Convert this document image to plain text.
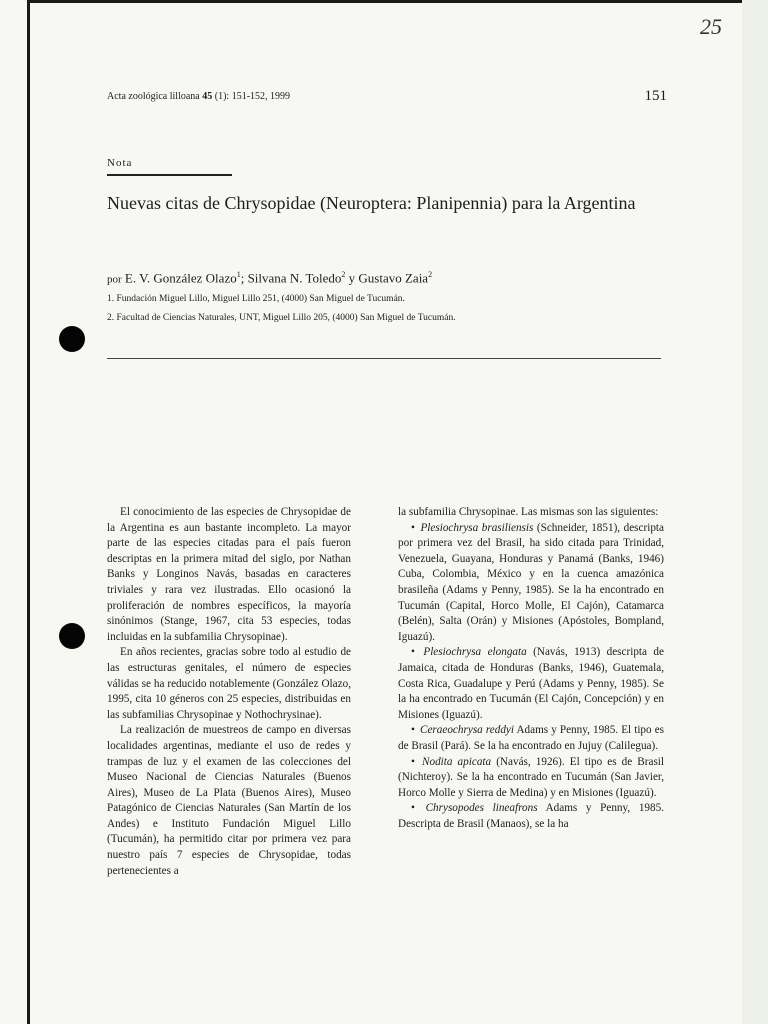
25
Acta zoológica lilloana 45 (1): 151-152, 1999	151
Nota
Nuevas citas de Chrysopidae (Neuroptera: Planipennia) para la Argentina
por E. V. González Olazo$^1$; Silvana N. Toledo$^2$ y Gustavo Zaia$^2$
1. Fundación Miguel Lillo, Miguel Lillo 251, (4000) San Miguel de Tucumán.
2. Facultad de Ciencias Naturales, UNT, Miguel Lillo 205, (4000) San Miguel de Tucumán.

El conocimiento de las especies de Chrysopidae de la Argentina es aun bastante incompleto. La mayor parte de las especies citadas para el país fueron descriptas en la primera mitad del siglo, por Nathan Banks y Longinos Navás, basadas en caracteres triviales y rara vez ilustradas. Ello ocasionó la proliferación de nombres específicos, la mayoría sinónimos (Stange, 1967, cita 53 especies, todas incluidas en la subfamilia Chrysopinae).

En años recientes, gracias sobre todo al estudio de las estructuras genitales, el número de especies válidas se ha reducido notablemente (González Olazo, 1995, cita 10 géneros con 25 especies, distribuidas en las subfamilias Chrysopinae y Nothochrysinae).

La realización de muestreos de campo en diversas localidades argentinas, mediante el uso de redes y trampas de luz y el examen de las colecciones del Museo Nacional de Ciencias Naturales (Buenos Aires), Museo de La Plata (Buenos Aires), Museo Patagónico de Ciencias Naturales (San Martín de los Andes) e Instituto Fundación Miguel Lillo (Tucumán), ha permitido citar por primera vez para nuestro país 7 especies de Chrysopidae, todas pertenecientes a

la subfamilia Chrysopinae. Las mismas son las siguientes:

• Plesiochrysa brasiliensis (Schneider, 1851), descripta por primera vez del Brasil, ha sido citada para Trinidad, Venezuela, Guayana, Honduras y Panamá (Banks, 1946) Cuba, Colombia, México y en la cuenca amazónica brasileña (Adams y Penny, 1985). Se la ha encontrado en Tucumán (Capital, Horco Molle, El Cajón), Catamarca (Belén), Salta (Orán) y Misiones (Apóstoles, Bompland, Iguazú).

• Plesiochrysa elongata (Navás, 1913) descripta de Jamaica, citada de Honduras (Banks, 1946), Guatemala, Costa Rica, Guadalupe y Perú (Adams y Penny, 1985). Se la ha encontrado en Tucumán (El Cajón, Concepción) y en Misiones (Iguazú).

• Ceraeochrysa reddyi Adams y Penny, 1985. El tipo es de Brasil (Pará). Se la ha encontrado en Jujuy (Calilegua).

• Nodita apicata (Navás, 1926). El tipo es de Brasil (Nichteroy). Se la ha encontrado en Tucumán (San Javier, Horco Molle y Sierra de Medina) y en Misiones (Iguazú).

• Chrysopodes lineafrons Adams y Penny, 1985. Descripta de Brasil (Manaos), se la ha
